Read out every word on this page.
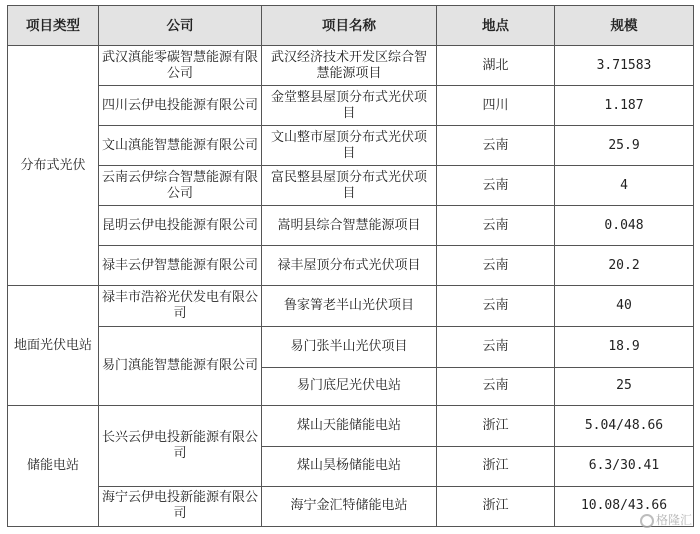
项目类型	公司	项目名称	地点	规模
分布式光伏	武汉滇能零碳智慧能源有限公司	武汉经济技术开发区综合智慧能源项目	湖北	3.71583
	四川云伊电投能源有限公司	金堂整县屋顶分布式光伏项目	四川	1.187
	文山滇能智慧能源有限公司	文山整市屋顶分布式光伏项目	云南	25.9
	云南云伊综合智慧能源有限公司	富民整县屋顶分布式光伏项目	云南	4
	昆明云伊电投能源有限公司	嵩明县综合智慧能源项目	云南	0.048
	禄丰云伊智慧能源有限公司	禄丰屋顶分布式光伏项目	云南	20.2
地面光伏电站	禄丰市浩裕光伏发电有限公司	鲁家箐老半山光伏项目	云南	40
	易门滇能智慧能源有限公司	易门张半山光伏项目	云南	18.9
		易门底尼光伏电站	云南	25
储能电站	长兴云伊电投新能源有限公司	煤山天能储能电站	浙江	5.04/48.66
		煤山昊杨储能电站	浙江	6.3/30.41
	海宁云伊电投新能源有限公司	海宁金汇特储能电站	浙江	10.08/43.66
格隆汇
